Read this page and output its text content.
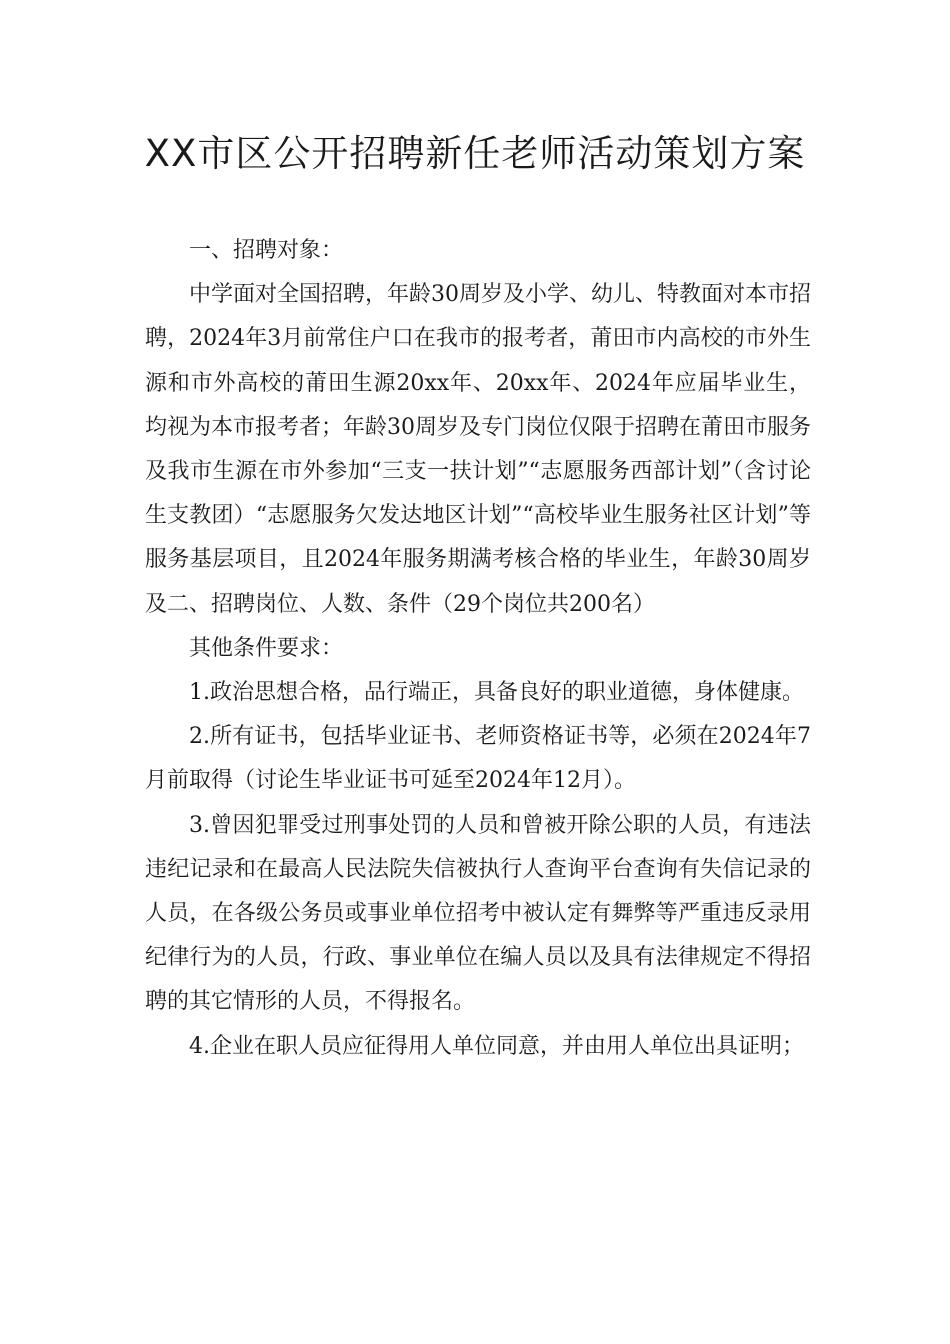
XX市区公开招聘新任老师活动策划方案

一、招聘对象：

中学面对全国招聘，年龄30周岁及小学、幼儿、特教面对本市招聘，2024年3月前常住户口在我市的报考者，莆田市内高校的市外生源和市外高校的莆田生源20xx年、20xx年、2024年应届毕业生，均视为本市报考者；年龄30周岁及专门岗位仅限于招聘在莆田市服务及我市生源在市外参加“三支一扶计划”“志愿服务西部计划”（含讨论生支教团）“志愿服务欠发达地区计划”“高校毕业生服务社区计划”等服务基层项目，且2024年服务期满考核合格的毕业生，年龄30周岁及二、招聘岗位、人数、条件（29个岗位共200名）

其他条件要求：

1.政治思想合格，品行端正，具备良好的职业道德，身体健康。

2.所有证书，包括毕业证书、老师资格证书等，必须在2024年7月前取得（讨论生毕业证书可延至2024年12月）。

3.曾因犯罪受过刑事处罚的人员和曾被开除公职的人员，有违法违纪记录和在最高人民法院失信被执行人查询平台查询有失信记录的人员，在各级公务员或事业单位招考中被认定有舞弊等严重违反录用纪律行为的人员，行政、事业单位在编人员以及具有法律规定不得招聘的其它情形的人员，不得报名。

4.企业在职人员应征得用人单位同意，并由用人单位出具证明；
